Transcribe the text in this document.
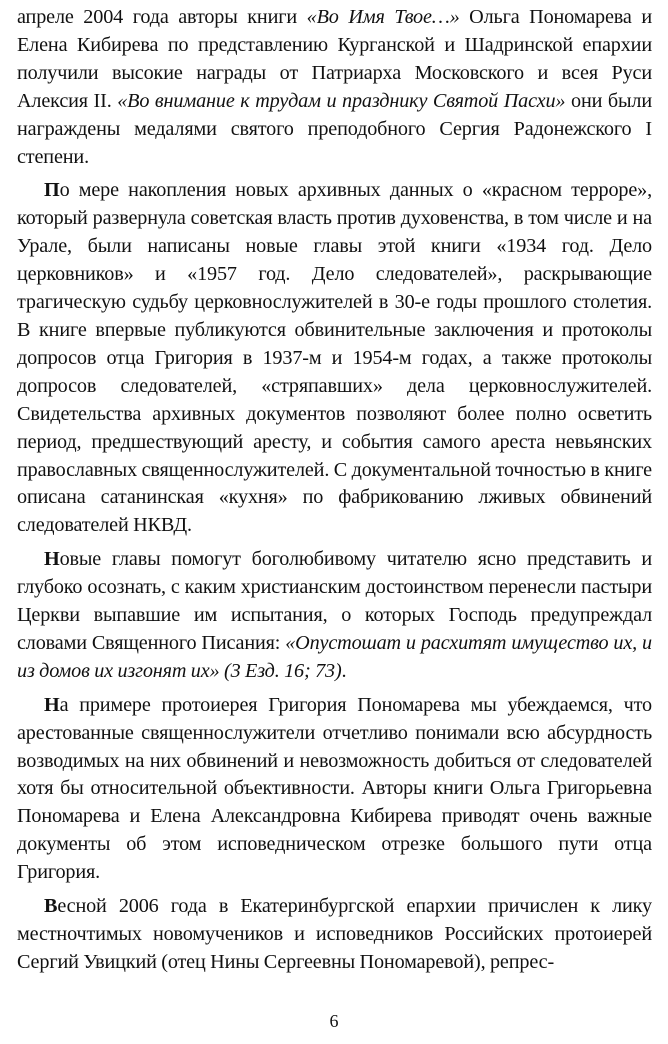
апреле 2004 года авторы книги «Во Имя Твое…» Ольга Пономарева и Елена Кибирева по представлению Курганской и Шадринской епархии получили высокие награды от Патриарха Московского и всея Руси Алексия II. «Во внимание к трудам и празднику Святой Пасхи» они были награждены медалями святого преподобного Сергия Радонежского I степени.

По мере накопления новых архивных данных о «красном терроре», который развернула советская власть против духовенства, в том числе и на Урале, были написаны новые главы этой книги «1934 год. Дело церковников» и «1957 год. Дело следователей», раскрывающие трагическую судьбу церковнослужителей в 30-е годы прошлого столетия. В книге впервые публикуются обвинительные заключения и протоколы допросов отца Григория в 1937-м и 1954-м годах, а также протоколы допросов следователей, «стряпавших» дела церковнослужителей. Свидетельства архивных документов позволяют более полно осветить период, предшествующий аресту, и события самого ареста невьянских православных священнослужителей. С документальной точностью в книге описана сатанинская «кухня» по фабрикованию лживых обвинений следователей НКВД.

Новые главы помогут боголюбивому читателю ясно представить и глубоко осознать, с каким христианским достоинством перенесли пастыри Церкви выпавшие им испытания, о которых Господь предупреждал словами Священного Писания: «Опустошат и расхитят имущество их, и из домов их изгонят их» (3 Езд. 16; 73).

На примере протоиерея Григория Пономарева мы убеждаемся, что арестованные священнослужители отчетливо понимали всю абсурдность возводимых на них обвинений и невозможность добиться от следователей хотя бы относительной объективности. Авторы книги Ольга Григорьевна Пономарева и Елена Александровна Кибирева приводят очень важные документы об этом исповедническом отрезке большого пути отца Григория.

Весной 2006 года в Екатеринбургской епархии причислен к лику местночтимых новомучеников и исповедников Российских протоиерей Сергий Увицкий (отец Нины Сергеевны Пономаревой), репрес-

6
